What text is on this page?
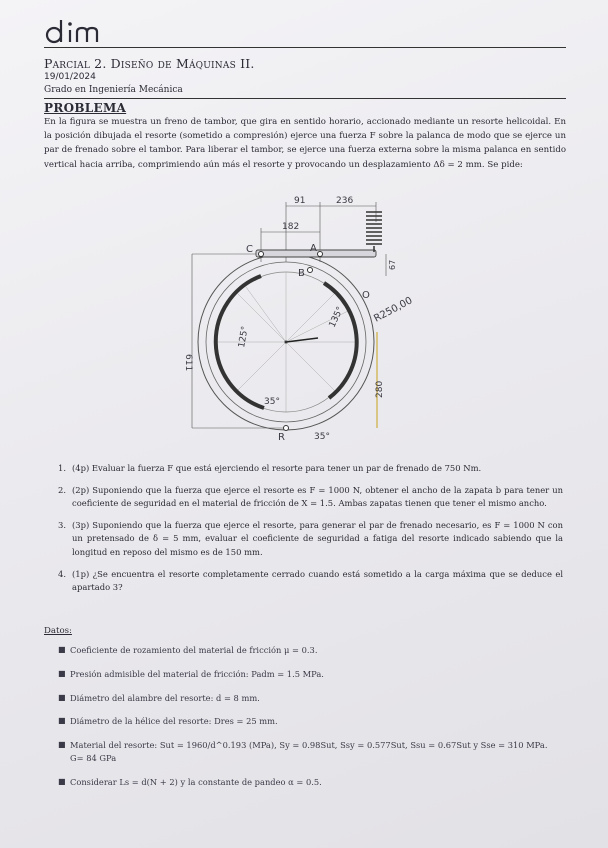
dim
Parcial 2. Diseño de Máquinas II.
19/01/2024
Grado en Ingeniería Mecánica
PROBLEMA
En la figura se muestra un freno de tambor, que gira en sentido horario, accionado mediante un resorte helicoidal. En la posición dibujada el resorte (sometido a compresión) ejerce una fuerza F sobre la palanca de modo que se ejerce un par de frenado sobre el tambor. Para liberar el tambor, se ejerce una fuerza externa sobre la misma palanca en sentido vertical hacia arriba, comprimiendo aún más el resorte y provocando un desplazamiento Δδ = 2 mm. Se pide:
91	236
182
67
611
R250,00
135°
125°
35°
35°
280
C	A
B
O
R
1. (4p) Evaluar la fuerza F que está ejerciendo el resorte para tener un par de frenado de 750 Nm.
2. (2p) Suponiendo que la fuerza que ejerce el resorte es F = 1000 N, obtener el ancho de la zapata b para tener un coeficiente de seguridad en el material de fricción de X = 1.5. Ambas zapatas tienen que tener el mismo ancho.
3. (3p) Suponiendo que la fuerza que ejerce el resorte, para generar el par de frenado necesario, es F = 1000 N con un pretensado de δ = 5 mm, evaluar el coeficiente de seguridad a fatiga del resorte indicado sabiendo que la longitud en reposo del mismo es de 150 mm.
4. (1p) ¿Se encuentra el resorte completamente cerrado cuando está sometido a la carga máxima que se deduce el apartado 3?
Datos:
■ Coeficiente de rozamiento del material de fricción μ = 0.3.
■ Presión admisible del material de fricción: Padm = 1.5 MPa.
■ Diámetro del alambre del resorte: d = 8 mm.
■ Diámetro de la hélice del resorte: Dres = 25 mm.
■ Material del resorte: Sut = 1960/d^0.193 (MPa), Sy = 0.98Sut, Ssy = 0.577Sut, Ssu = 0.67Sut y Sse = 310 MPa. G= 84 GPa
■ Considerar Ls = d(N + 2) y la constante de pandeo α = 0.5.
